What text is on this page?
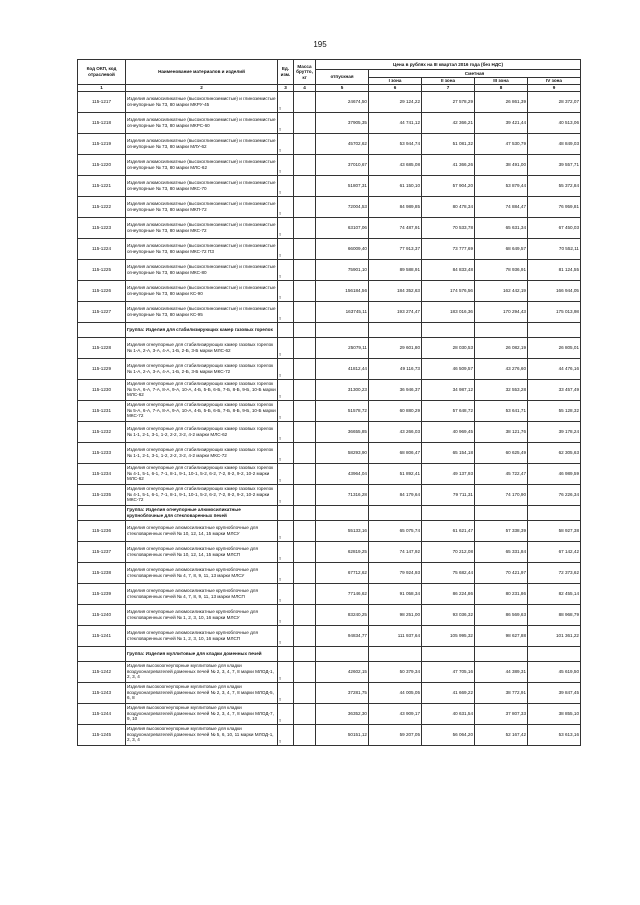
195
Код ОКП, код отраслевой	Наименование материалов и изделий	Ед. изм.	Масса брутто, кг	Цена в рублях на III квартал 2016 года (без НДС)				
				отпускная	Сметная			
					I зона	II зона	III зона	IV зона
1	2	3	4	5	6	7	8	9
115-1217	Изделия алюмосиликатные (высокоглиноземистые) и глиноземистые огнеупорные № 73, 80 марки МКРУ-45	т		24674,50	29 124,22	27 578,29	26 861,39	28 372,07
115-1218	Изделия алюмосиликатные (высокоглиноземистые) и глиноземистые огнеупорные № 73, 80 марки МКРС-60	т		37905,35	44 741,12	42 366,21	39 421,44	40 513,06
115-1219	Изделия алюмосиликатные (высокоглиноземистые) и глиноземистые огнеупорные № 73, 80 марки МЛУ-62	т		45702,62	53 944,74	51 081,32	47 530,79	48 849,03
115-1220	Изделия алюмосиликатные (высокоглиноземистые) и глиноземистые огнеупорные № 73, 80 марки МЛС-62	т		37010,67	43 685,08	41 366,26	38 491,00	39 557,71
115-1221	Изделия алюмосиликатные (высокоглиноземистые) и глиноземистые огнеупорные № 73, 80 марки МКС-70	т		51807,31	61 150,10	57 904,20	53 879,44	55 372,84
115-1222	Изделия алюмосиликатные (высокоглиноземистые) и глиноземистые огнеупорные № 73, 80 марки МКП-72	т		72004,53	84 989,85	80 478,34	74 884,47	76 959,81
115-1223	Изделия алюмосиликатные (высокоглиноземистые) и глиноземистые огнеупорные № 73, 80 марки МКС-72	т		63107,06	74 487,91	70 533,78	65 631,34	67 450,03
115-1224	Изделия алюмосиликатные (высокоглиноземистые) и глиноземистые огнеупорные № 73, 80 марки МКС-72 ПЗ	т		66009,40	77 913,37	73 777,69	68 649,57	70 552,11
115-1225	Изделия алюмосиликатные (высокоглиноземистые) и глиноземистые огнеупорные № 73, 80 марки МКС-80	т		75901,10	89 588,91	84 833,48	78 936,91	81 124,55
115-1226	Изделия алюмосиликатные (высокоглиноземистые) и глиноземистые огнеупорные № 73, 80 марки КС-90	т		156184,56	184 352,63	174 576,56	162 442,19	166 944,05
115-1227	Изделия алюмосиликатные (высокоглиноземистые) и глиноземистые огнеупорные № 73, 80 марки КС-95	т		163745,11	193 274,47	183 016,36	170 294,43	175 013,98
	Группа: Изделия для стабилизирующих камер газовых горелок							
115-1228	Изделия огнеупорные для стабилизирующих камер газовых горелок № 1-А, 2-А, 3-А, 4-А, 1-Б, 2-Б, 3-Б марки МЛС-62	т		25079,11	29 601,80	28 030,53	26 082,19	26 805,01
115-1229	Изделия огнеупорные для стабилизирующих камер газовых горелок № 1-А, 2-А, 3-А, 4-А, 1-Б, 2-Б, 3-Б марки МКС-72	т		41812,44	49 116,73	46 509,57	43 276,60	44 476,16
115-1230	Изделия огнеупорные для стабилизирующих камер газовых горелок № 5-А, 6-А, 7-А, 8-А, 9-А, 10-А, 4-Б, 5-Б, 6-Б, 7-Б, 8-Б, 9-Б, 10-Б марки МЛС-62	т		31300,23	36 946,37	34 987,12	32 553,28	33 457,49
115-1231	Изделия огнеупорные для стабилизирующих камер газовых горелок № 5-А, 6-А, 7-А, 8-А, 9-А, 10-А, 4-Б, 5-Б, 6-Б, 7-Б, 8-Б, 9-Б, 10-Б марки МКС-72	т		51578,72	60 880,29	57 648,72	53 641,71	55 128,32
115-1232	Изделия огнеупорные для стабилизирующих камер газовых горелок № 1-1, 2-1, 3-1, 1-2, 2-2, 3-2, 4-2 марки МЛС-62	т		36655,85	43 266,03	40 969,45	38 121,76	39 178,24
115-1233	Изделия огнеупорные для стабилизирующих камер газовых горелок № 1-1, 2-1, 3-1, 1-2, 2-2, 3-2, 4-2 марки МКС-72	т		58293,90	68 806,47	65 154,18	60 625,49	62 305,63
115-1234	Изделия огнеупорные для стабилизирующих камер газовых горелок № 4-1, 5-1, 6-1, 7-1, 8-1, 9-1, 10-1, 5-2, 6-2, 7-2, 8-2, 9-2, 10-2 марки МЛС-62	т		43964,04	51 892,41	49 137,93	45 722,47	46 989,59
115-1235	Изделия огнеупорные для стабилизирующих камер газовых горелок № 4-1, 5-1, 6-1, 7-1, 8-1, 9-1, 10-1, 5-2, 6-2, 7-2, 8-2, 9-2, 10-2 марки МКС-72	т		71316,28	84 179,64	79 711,31	74 170,90	76 226,34
	Группа: Изделия огнеупорные алюмосиликатные крупноблочные для стекловаренных печей							
115-1236	Изделия огнеупорные алюмосиликатные крупноблочные для стекловаренных печей № 10, 12, 14, 15 марки МЛСУ	т		55133,16	65 075,74	61 621,47	57 338,39	58 927,38
115-1237	Изделия огнеупорные алюмосиликатные крупноблочные для стекловаренных печей № 10, 12, 14, 15 марки МЛСП	т		62819,25	74 147,92	70 212,08	65 331,84	67 142,42
115-1238	Изделия огнеупорные алюмосиликатные крупноблочные для стекловаренных печей № 4, 7, 8, 9, 11, 13 марки МЛСУ	т		67712,62	79 924,93	75 682,44	70 421,97	72 373,62
115-1239	Изделия огнеупорные алюмосиликатные крупноблочные для стекловаренных печей № 4, 7, 8, 9, 11, 13 марки МЛСП	т		77146,62	91 058,34	86 224,86	80 231,86	82 455,14
115-1240	Изделия огнеупорные алюмосиликатные крупноблочные для стекловаренных печей № 1, 2, 3, 10, 16 марки МЛСУ	т		83240,25	98 251,00	93 036,32	86 569,63	88 968,79
115-1241	Изделия огнеупорные алюмосиликатные крупноблочные для стекловаренных печей № 1, 2, 3, 10, 16 марки МЛСП	т		94834,77	111 937,64	105 995,32	98 627,88	101 361,22
	Группа: Изделия муллитовые для кладки доменных печей							
115-1242	Изделия высокоогнеупорные муллитовые для кладки воздухонагревателей доменных печей № 2, 3, 4, 7, 8 марки МЛОД-1, 2, 3, 4	т		42602,15	50 379,34	47 705,16	44 389,31	45 619,50
115-1243	Изделия высокоогнеупорные муллитовые для кладки воздухонагревателей доменных печей № 2, 3, 4, 7, 8 марки МЛОД-5, 6, 8	т		37281,75	44 005,05	41 669,22	38 772,91	39 847,45
115-1244	Изделия высокоогнеупорные муллитовые для кладки воздухонагревателей доменных печей № 2, 3, 4, 7, 8 марки МЛОД-7, 9, 10	т		36352,30	43 909,17	40 631,54	37 807,33	38 855,10
115-1245	Изделия высокоогнеупорные муллитовые для кладки воздухонагревателей доменных печей № 5, 6, 10, 11 марки МЛОД-1, 2, 3, 4	т		50151,12	59 207,05	56 064,20	52 167,42	53 613,16
